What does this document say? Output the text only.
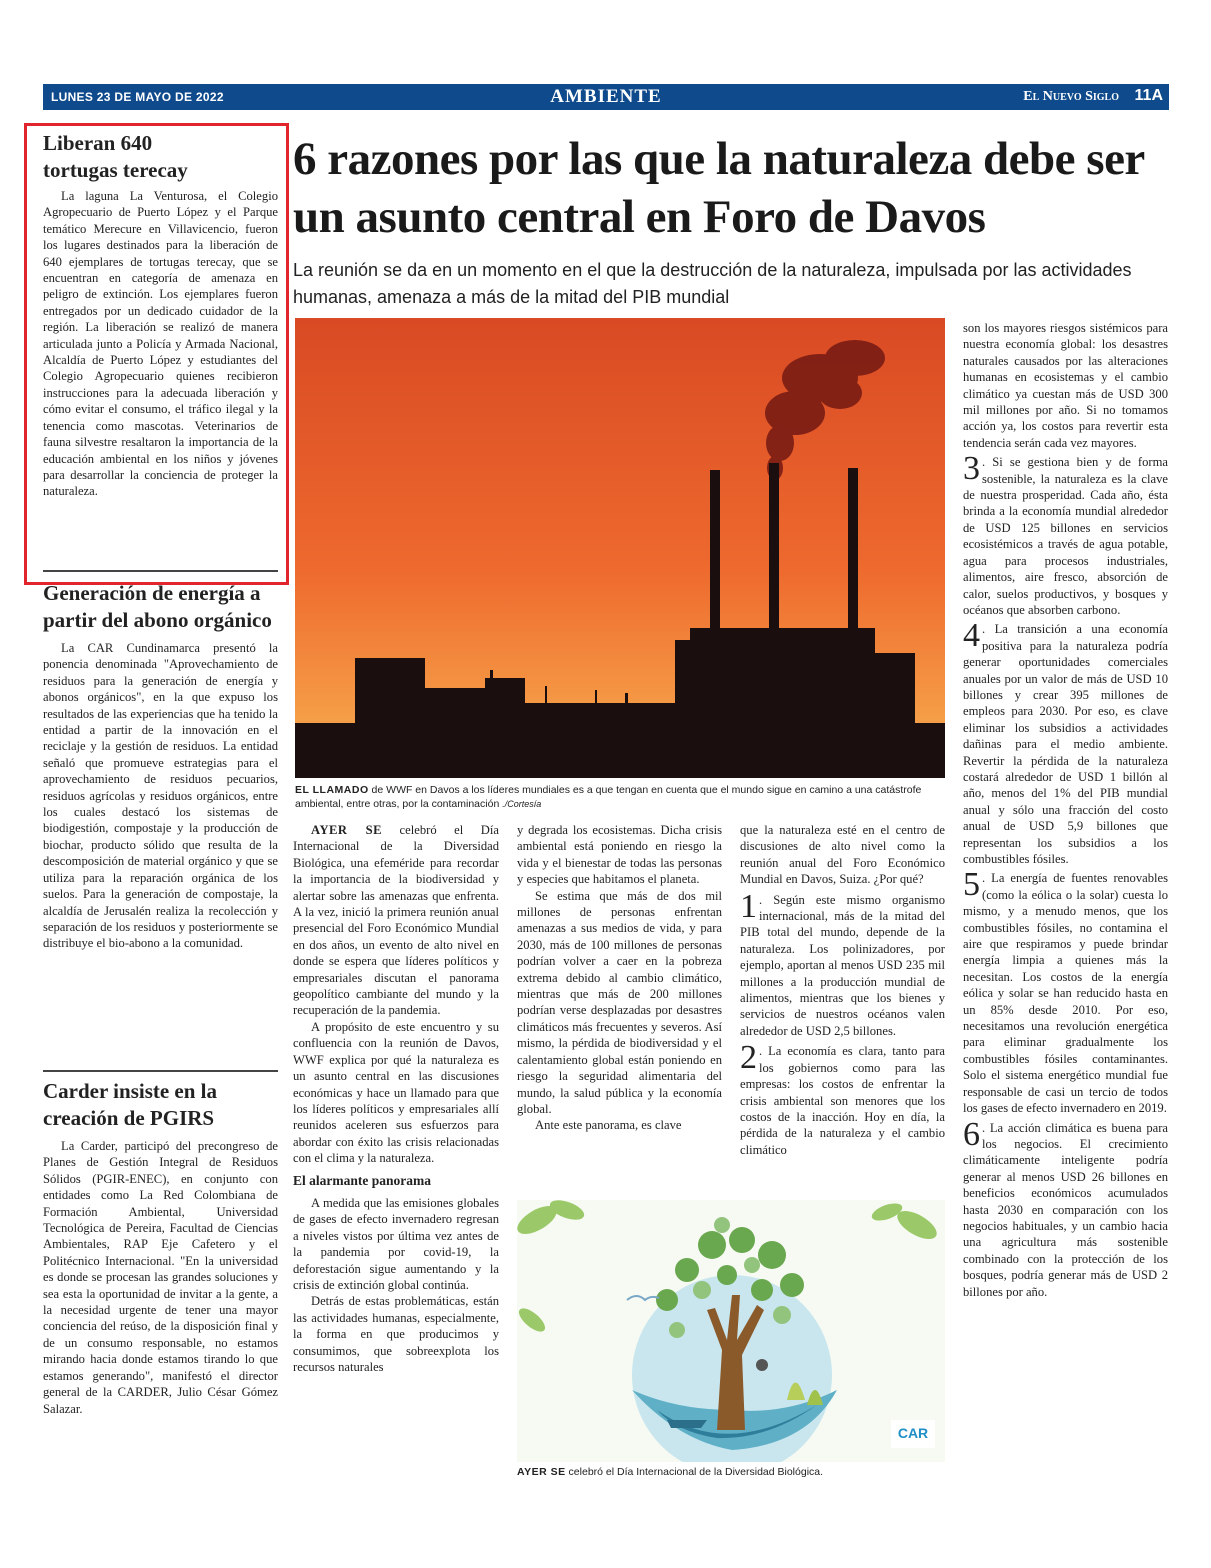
LUNES 23 DE MAYO DE 2022	AMBIENTE	El Nuevo Siglo 11A
Liberan 640 tortugas terecay

La laguna La Venturosa, el Colegio Agropecuario de Puerto López y el Parque temático Merecure en Villavicencio, fueron los lugares destinados para la liberación de 640 ejemplares de tortugas terecay, que se encuentran en categoría de amenaza en peligro de extinción. Los ejemplares fueron entregados por un dedicado cuidador de la región. La liberación se realizó de manera articulada junto a Policía y Armada Nacional, Alcaldía de Puerto López y estudiantes del Colegio Agropecuario quienes recibieron instrucciones para la adecuada liberación y cómo evitar el consumo, el tráfico ilegal y la tenencia como mascotas. Veterinarios de fauna silvestre resaltaron la importancia de la educación ambiental en los niños y jóvenes para desarrollar la conciencia de proteger la naturaleza.

Generación de energía a partir del abono orgánico

La CAR Cundinamarca presentó la ponencia denominada "Aprovechamiento de residuos para la generación de energía y abonos orgánicos", en la que expuso los resultados de las experiencias que ha tenido la entidad a partir de la innovación en el reciclaje y la gestión de residuos. La entidad señaló que promueve estrategias para el aprovechamiento de residuos pecuarios, residuos agrícolas y residuos orgánicos, entre los cuales destacó los sistemas de biodigestión, compostaje y la producción de biochar, producto sólido que resulta de la descomposición de material orgánico y que se utiliza para la reparación orgánica de los suelos. Para la generación de compostaje, la alcaldía de Jerusalén realiza la recolección y separación de los residuos y posteriormente se distribuye el bio-abono a la comunidad.

Carder insiste en la creación de PGIRS

La Carder, participó del precongreso de Planes de Gestión Integral de Residuos Sólidos (PGIR-ENEC), en conjunto con entidades como La Red Colombiana de Formación Ambiental, Universidad Tecnológica de Pereira, Facultad de Ciencias Ambientales, RAP Eje Cafetero y el Politécnico Internacional. "En la universidad es donde se procesan las grandes soluciones y sea esta la oportunidad de invitar a la gente, a la necesidad urgente de tener una mayor conciencia del reúso, de la disposición final y de un consumo responsable, no estamos mirando hacia donde estamos tirando lo que estamos generando", manifestó el director general de la CARDER, Julio César Gómez Salazar.

6 razones por las que la naturaleza debe ser un asunto central en Foro de Davos
La reunión se da en un momento en el que la destrucción de la naturaleza, impulsada por las actividades humanas, amenaza a más de la mitad del PIB mundial
EL LLAMADO de WWF en Davos a los líderes mundiales es a que tengan en cuenta que el mundo sigue en camino a una catástrofe ambiental, entre otras, por la contaminación ./Cortesía

AYER SE celebró el Día Internacional de la Diversidad Biológica, una efeméride para recordar la importancia de la biodiversidad y alertar sobre las amenazas que enfrenta. A la vez, inició la primera reunión anual presencial del Foro Económico Mundial en dos años, un evento de alto nivel en donde se espera que líderes políticos y empresariales discutan el panorama geopolítico cambiante del mundo y la recuperación de la pandemia.

A propósito de este encuentro y su confluencia con la reunión de Davos, WWF explica por qué la naturaleza es un asunto central en las discusiones económicas y hace un llamado para que los líderes políticos y empresariales allí reunidos aceleren sus esfuerzos para abordar con éxito las crisis relacionadas con el clima y la naturaleza.

El alarmante panorama

A medida que las emisiones globales de gases de efecto invernadero regresan a niveles vistos por última vez antes de la pandemia por covid-19, la deforestación sigue aumentando y la crisis de extinción global continúa.

Detrás de estas problemáticas, están las actividades humanas, especialmente, la forma en que producimos y consumimos, que sobreexplota los recursos naturales

y degrada los ecosistemas. Dicha crisis ambiental está poniendo en riesgo la vida y el bienestar de todas las personas y especies que habitamos el planeta.

Se estima que más de dos mil millones de personas enfrentan amenazas a sus medios de vida, y para 2030, más de 100 millones de personas podrían volver a caer en la pobreza extrema debido al cambio climático, mientras que más de 200 millones podrían verse desplazadas por desastres climáticos más frecuentes y severos. Así mismo, la pérdida de biodiversidad y el calentamiento global están poniendo en riesgo la seguridad alimentaria del mundo, la salud pública y la economía global.

Ante este panorama, es clave

que la naturaleza esté en el centro de discusiones de alto nivel como la reunión anual del Foro Económico Mundial en Davos, Suiza. ¿Por qué?

1 . Según este mismo organismo internacional, más de la mitad del PIB total del mundo, depende de la naturaleza. Los polinizadores, por ejemplo, aportan al menos USD 235 mil millones a la producción mundial de alimentos, mientras que los bienes y servicios de nuestros océanos valen alrededor de USD 2,5 billones.

2 . La economía es clara, tanto para los gobiernos como para las empresas: los costos de enfrentar la crisis ambiental son menores que los costos de la inacción. Hoy en día, la pérdida de la naturaleza y el cambio climático

son los mayores riesgos sistémicos para nuestra economía global: los desastres naturales causados por las alteraciones humanas en ecosistemas y el cambio climático ya cuestan más de USD 300 mil millones por año. Si no tomamos acción ya, los costos para revertir esta tendencia serán cada vez mayores.

3 . Si se gestiona bien y de forma sostenible, la naturaleza es la clave de nuestra prosperidad. Cada año, ésta brinda a la economía mundial alrededor de USD 125 billones en servicios ecosistémicos a través de agua potable, agua para procesos industriales, alimentos, aire fresco, absorción de calor, suelos productivos, y bosques y océanos que absorben carbono.

4 . La transición a una economía positiva para la naturaleza podría generar oportunidades comerciales anuales por un valor de más de USD 10 billones y crear 395 millones de empleos para 2030. Por eso, es clave eliminar los subsidios a actividades dañinas para el medio ambiente. Revertir la pérdida de la naturaleza costará alrededor de USD 1 billón al año, menos del 1% del PIB mundial anual y sólo una fracción del costo anual de USD 5,9 billones que representan los subsidios a los combustibles fósiles.

5 . La energía de fuentes renovables (como la eólica o la solar) cuesta lo mismo, y a menudo menos, que los combustibles fósiles, no contamina el aire que respiramos y puede brindar energía limpia a quienes más la necesitan. Los costos de la energía eólica y solar se han reducido hasta en un 85% desde 2010. Por eso, necesitamos una revolución energética para eliminar gradualmente los combustibles fósiles contaminantes. Solo el sistema energético mundial fue responsable de casi un tercio de todos los gases de efecto invernadero en 2019.

6 . La acción climática es buena para los negocios. El crecimiento climáticamente inteligente podría generar al menos USD 26 billones en beneficios económicos acumulados hasta 2030 en comparación con los negocios habituales, y un cambio hacia una agricultura más sostenible combinado con la protección de los bosques, podría generar más de USD 2 billones por año.

CAR
AYER SE celebró el Día Internacional de la Diversidad Biológica.
